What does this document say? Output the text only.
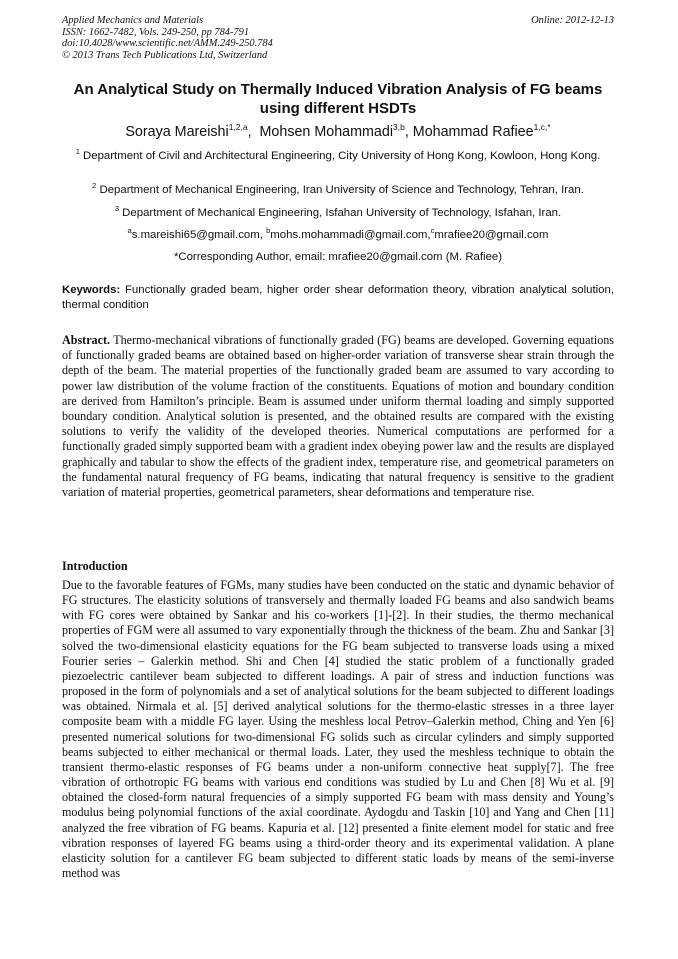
Applied Mechanics and Materials
ISSN: 1662-7482, Vols. 249-250, pp 784-791
doi:10.4028/www.scientific.net/AMM.249-250.784
© 2013 Trans Tech Publications Ltd, Switzerland
Online: 2012-12-13
An Analytical Study on Thermally Induced Vibration Analysis of FG beams using different HSDTs
Soraya Mareishi$^{1,2,a}$,  Mohsen Mohammadi$^{3,b}$, Mohammad Rafiee$^{1,c,*}$
$^1$ Department of Civil and Architectural Engineering, City University of Hong Kong, Kowloon, Hong Kong.
$^2$ Department of Mechanical Engineering, Iran University of Science and Technology, Tehran, Iran.
$^3$ Department of Mechanical Engineering, Isfahan University of Technology, Isfahan, Iran.
$^a$s.mareishi65@gmail.com, $^b$mohs.mohammadi@gmail.com,$^c$mrafiee20@gmail.com
*Corresponding Author, email: mrafiee20@gmail.com (M. Rafiee)
Keywords: Functionally graded beam, higher order shear deformation theory, vibration analytical solution, thermal condition
Abstract. Thermo-mechanical vibrations of functionally graded (FG) beams are developed. Governing equations of functionally graded beams are obtained based on higher-order variation of transverse shear strain through the depth of the beam. The material properties of the functionally graded beam are assumed to vary according to power law distribution of the volume fraction of the constituents. Equations of motion and boundary condition are derived from Hamilton’s principle. Beam is assumed under uniform thermal loading and simply supported boundary condition. Analytical solution is presented, and the obtained results are compared with the existing solutions to verify the validity of the developed theories. Numerical computations are performed for a functionally graded simply supported beam with a gradient index obeying power law and the results are displayed graphically and tabular to show the effects of the gradient index, temperature rise, and geometrical parameters on the fundamental natural frequency of FG beams, indicating that natural frequency is sensitive to the gradient variation of material properties, geometrical parameters, shear deformations and temperature rise.
Introduction
Due to the favorable features of FGMs, many studies have been conducted on the static and dynamic behavior of FG structures. The elasticity solutions of transversely and thermally loaded FG beams and also sandwich beams with FG cores were obtained by Sankar and his co-workers [1]-[2]. In their studies, the thermo mechanical properties of FGM were all assumed to vary exponentially through the thickness of the beam. Zhu and Sankar [3] solved the two-dimensional elasticity equations for the FG beam subjected to transverse loads using a mixed Fourier series – Galerkin method. Shi and Chen [4] studied the static problem of a functionally graded piezoelectric cantilever beam subjected to different loadings. A pair of stress and induction functions was proposed in the form of polynomials and a set of analytical solutions for the beam subjected to different loadings was obtained. Nirmala et al. [5] derived analytical solutions for the thermo-elastic stresses in a three layer composite beam with a middle FG layer. Using the meshless local Petrov–Galerkin method, Ching and Yen [6] presented numerical solutions for two-dimensional FG solids such as circular cylinders and simply supported beams subjected to either mechanical or thermal loads. Later, they used the meshless technique to obtain the transient thermo-elastic responses of FG beams under a non-uniform connective heat supply[7]. The free vibration of orthotropic FG beams with various end conditions was studied by Lu and Chen [8] Wu et al. [9] obtained the closed-form natural frequencies of a simply supported FG beam with mass density and Young’s modulus being polynomial functions of the axial coordinate. Aydogdu and Taskin [10] and Yang and Chen [11] analyzed the free vibration of FG beams. Kapuria et al. [12] presented a finite element model for static and free vibration responses of layered FG beams using a third-order theory and its experimental validation. A plane elasticity solution for a cantilever FG beam subjected to different static loads by means of the semi-inverse method was
